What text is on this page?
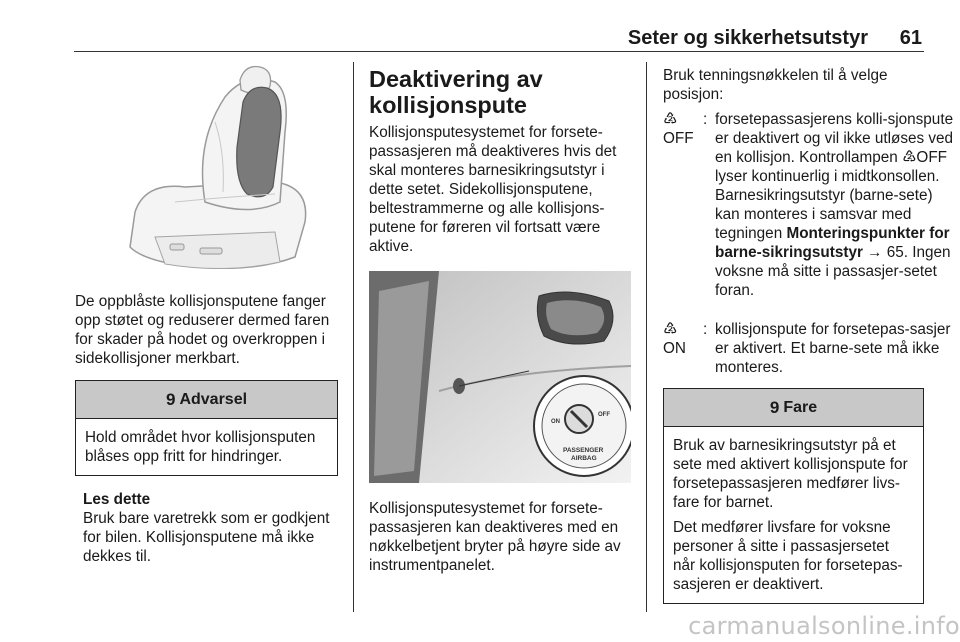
Seter og sikkerhetsutstyr 61

De oppblåste kollisjonsputene fanger opp støtet og reduserer dermed faren for skader på hodet og overkroppen i sidekollisjoner merkbart.

9 Advarsel
Hold området hvor kollisjonsputen blåses opp fritt for hindringer.

Les dette

Bruk bare varetrekk som er godkjent for bilen. Kollisjonsputene må ikke dekkes til.

Deaktivering av kollisjonspute

Kollisjonsputesystemet for forsete-passasjeren må deaktiveres hvis det skal monteres barnesikringsutstyr i dette setet. Sidekollisjonsputene, beltestrammerne og alle kollisjons-putene for føreren vil fortsatt være aktive.

ON
OFF
PASSENGER
AIRBAG

Kollisjonsputesystemet for forsete-passasjeren kan deaktiveres med en nøkkelbetjent bryter på høyre side av instrumentpanelet.

Bruk tenningsnøkkelen til å velge posisjon:

♴
OFF
: forsetepassasjerens kolli-sjonspute er deaktivert og vil ikke utløses ved en kollisjon. Kontrollampen ♴OFF lyser kontinuerlig i midtkonsollen. Barnesikringsutstyr (barne-sete) kan monteres i samsvar med tegningen Monteringspunkter for barne-sikringsutstyr → 65. Ingen voksne må sitte i passasjer-setet foran.
♴
ON
: kollisjonspute for forsetepas-sasjer er aktivert. Et barne-sete må ikke monteres.
9 Fare

Bruk av barnesikringsutstyr på et sete med aktivert kollisjonspute for forsetepassasjeren medfører livs-fare for barnet.

Det medfører livsfare for voksne personer å sitte i passasjersetet når kollisjonsputen for forsetepas-sasjeren er deaktivert.

carmanualsonline.info
